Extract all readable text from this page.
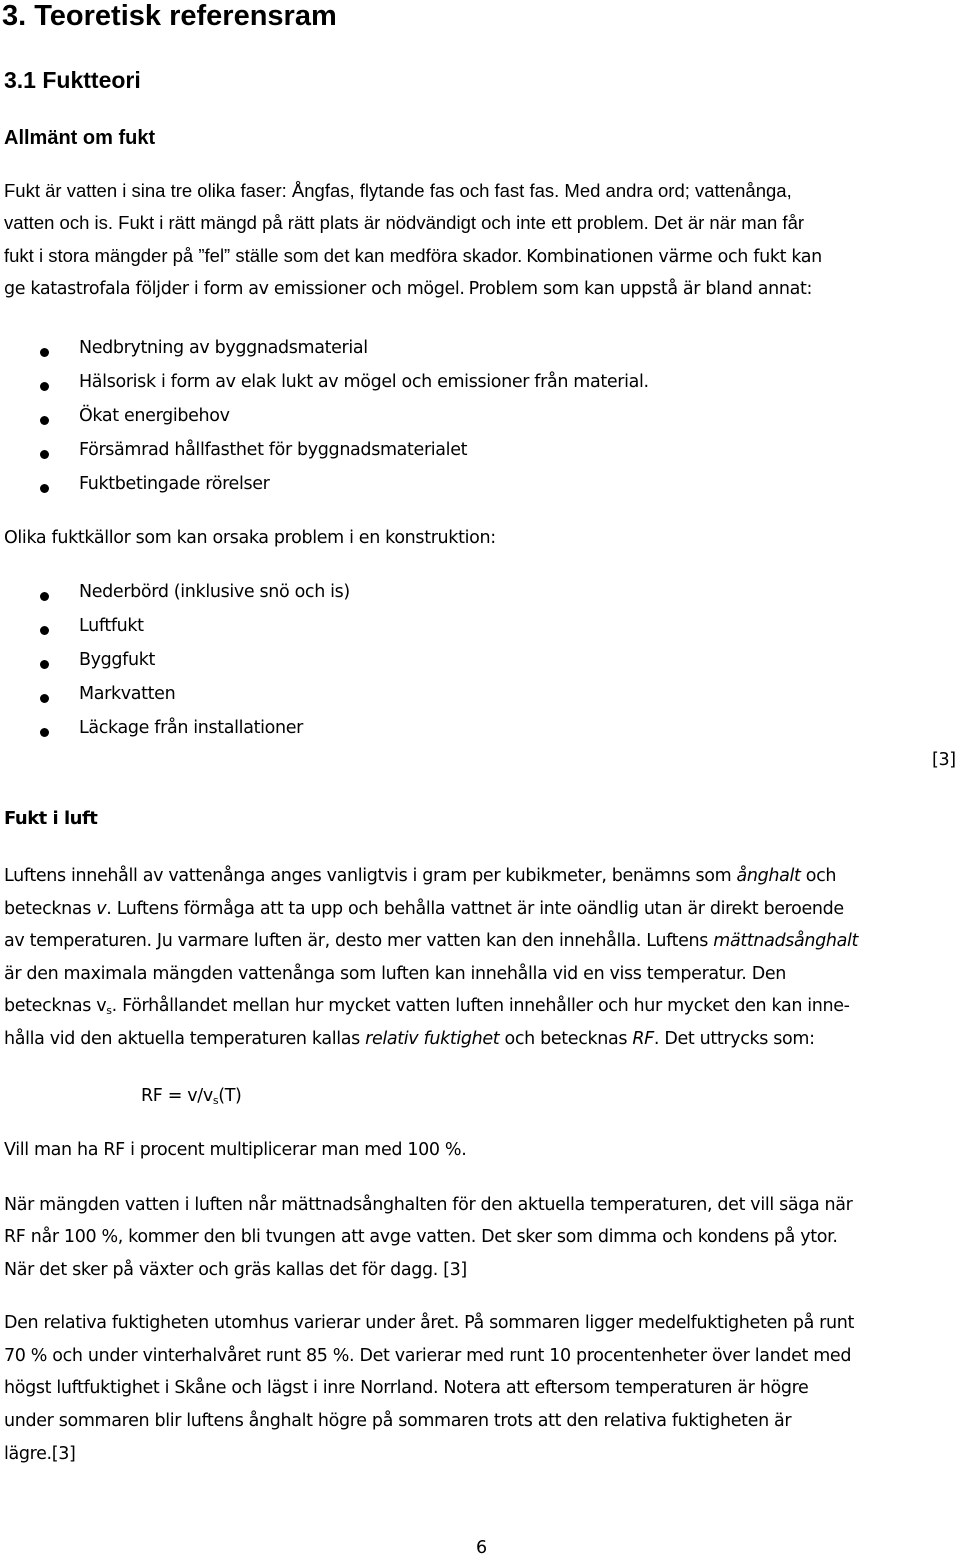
3. Teoretisk referensram
3.1 Fuktteori
Allmänt om fukt
Fukt är vatten i sina tre olika faser: Ångfas, flytande fas och fast fas. Med andra ord; vattenånga,
vatten och is. Fukt i rätt mängd på rätt plats är nödvändigt och inte ett problem. Det är när man får
fukt i stora mängder på ”fel” ställe som det kan medföra skador. Kombinationen värme och fukt kan
ge katastrofala följder i form av emissioner och mögel. Problem som kan uppstå är bland annat:
Nedbrytning av byggnadsmaterial
Hälsorisk i form av elak lukt av mögel och emissioner från material.
Ökat energibehov
Försämrad hållfasthet för byggnadsmaterialet
Fuktbetingade rörelser
Olika fuktkällor som kan orsaka problem i en konstruktion:
Nederbörd (inklusive snö och is)
Luftfukt
Byggfukt
Markvatten
Läckage från installationer
[3]
Fukt i luft
Luftens innehåll av vattenånga anges vanligtvis i gram per kubikmeter, benämns som ånghalt och
betecknas v. Luftens förmåga att ta upp och behålla vattnet är inte oändlig utan är direkt beroende
av temperaturen. Ju varmare luften är, desto mer vatten kan den innehålla. Luftens mättnadsånghalt
är den maximala mängden vattenånga som luften kan innehålla vid en viss temperatur. Den
betecknas $v_s$. Förhållandet mellan hur mycket vatten luften innehåller och hur mycket den kan inne-
hålla vid den aktuella temperaturen kallas relativ fuktighet och betecknas RF. Det uttrycks som:
RF = $v/v_s(T)$
Vill man ha RF i procent multiplicerar man med 100 %.
När mängden vatten i luften når mättnadsånghalten för den aktuella temperaturen, det vill säga när
RF når 100 %, kommer den bli tvungen att avge vatten. Det sker som dimma och kondens på ytor.
När det sker på växter och gräs kallas det för dagg. [3]
Den relativa fuktigheten utomhus varierar under året. På sommaren ligger medelfuktigheten på runt
70 % och under vinterhalvåret runt 85 %. Det varierar med runt 10 procentenheter över landet med
högst luftfuktighet i Skåne och lägst i inre Norrland. Notera att eftersom temperaturen är högre
under sommaren blir luftens ånghalt högre på sommaren trots att den relativa fuktigheten är
lägre.[3]
6
